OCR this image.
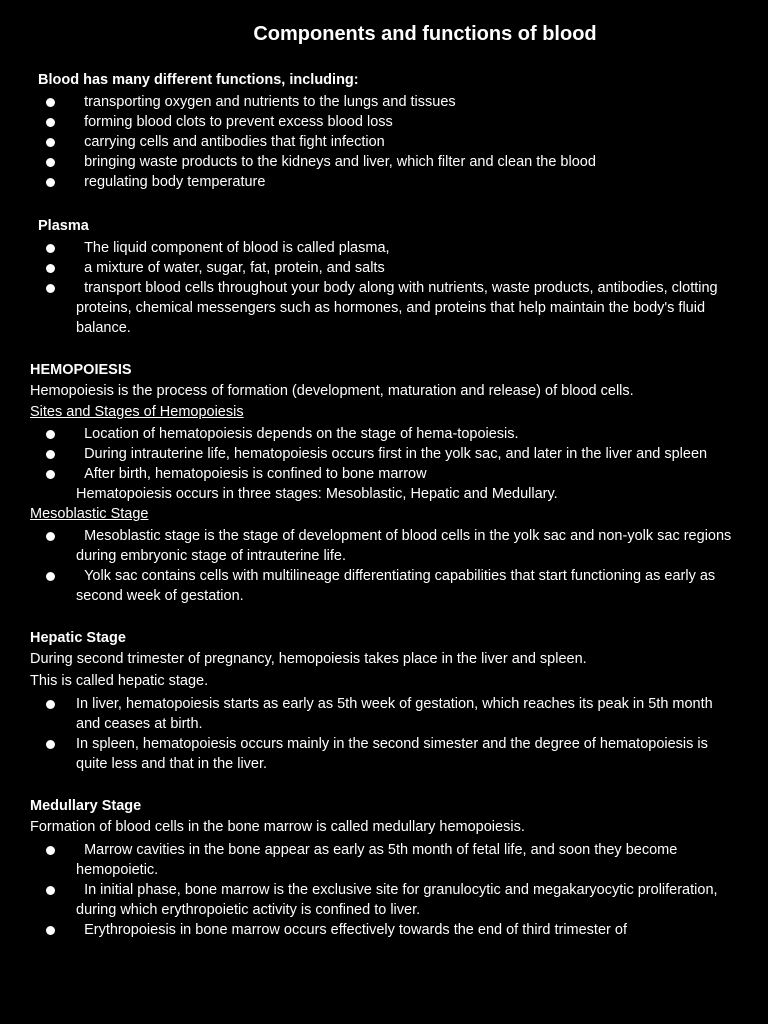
Components and functions of blood
Blood has many different functions, including:
transporting oxygen and nutrients to the lungs and tissues
forming blood clots to prevent excess blood loss
carrying cells and antibodies that fight infection
bringing waste products to the kidneys and liver, which filter and clean the blood
regulating body temperature
Plasma
The liquid component of blood is called plasma,
a mixture of water, sugar, fat, protein, and salts
transport blood cells throughout your body along with nutrients, waste products, antibodies, clotting proteins, chemical messengers such as hormones, and proteins that help maintain the body's fluid balance.
HEMOPOIESIS
Hemopoiesis is the process of formation (development, maturation and release) of blood cells.
Sites and Stages of Hemopoiesis
Location of hematopoiesis depends on the stage of hema-topoiesis.
During intrauterine life, hematopoiesis occurs first in the yolk sac, and later in the liver and spleen
After birth, hematopoiesis is confined to bone marrow
Hematopoiesis occurs in three stages: Mesoblastic, Hepatic and Medullary.
Mesoblastic Stage
Mesoblastic stage is the stage of development of blood cells in the yolk sac and non-yolk sac regions during embryonic stage of intrauterine life.
Yolk sac contains cells with multilineage differentiating capabilities that start functioning as early as second week of gestation.
Hepatic Stage
During second trimester of pregnancy, hemopoiesis takes place in the liver and spleen.
This is called hepatic stage.
In liver, hematopoiesis starts as early as 5th week of gestation, which reaches its peak in 5th month and ceases at birth.
In spleen, hematopoiesis occurs mainly in the second simester and the degree of hematopoiesis is quite less and that in the liver.
Medullary Stage
Formation of blood cells in the bone marrow is called medullary hemopoiesis.
Marrow cavities in the bone appear as early as 5th month of fetal life, and soon they become hemopoietic.
In initial phase, bone marrow is the exclusive site for granulocytic and megakaryocytic proliferation, during which erythropoietic activity is confined to liver.
Erythropoiesis in bone marrow occurs effectively towards the end of third trimester of
